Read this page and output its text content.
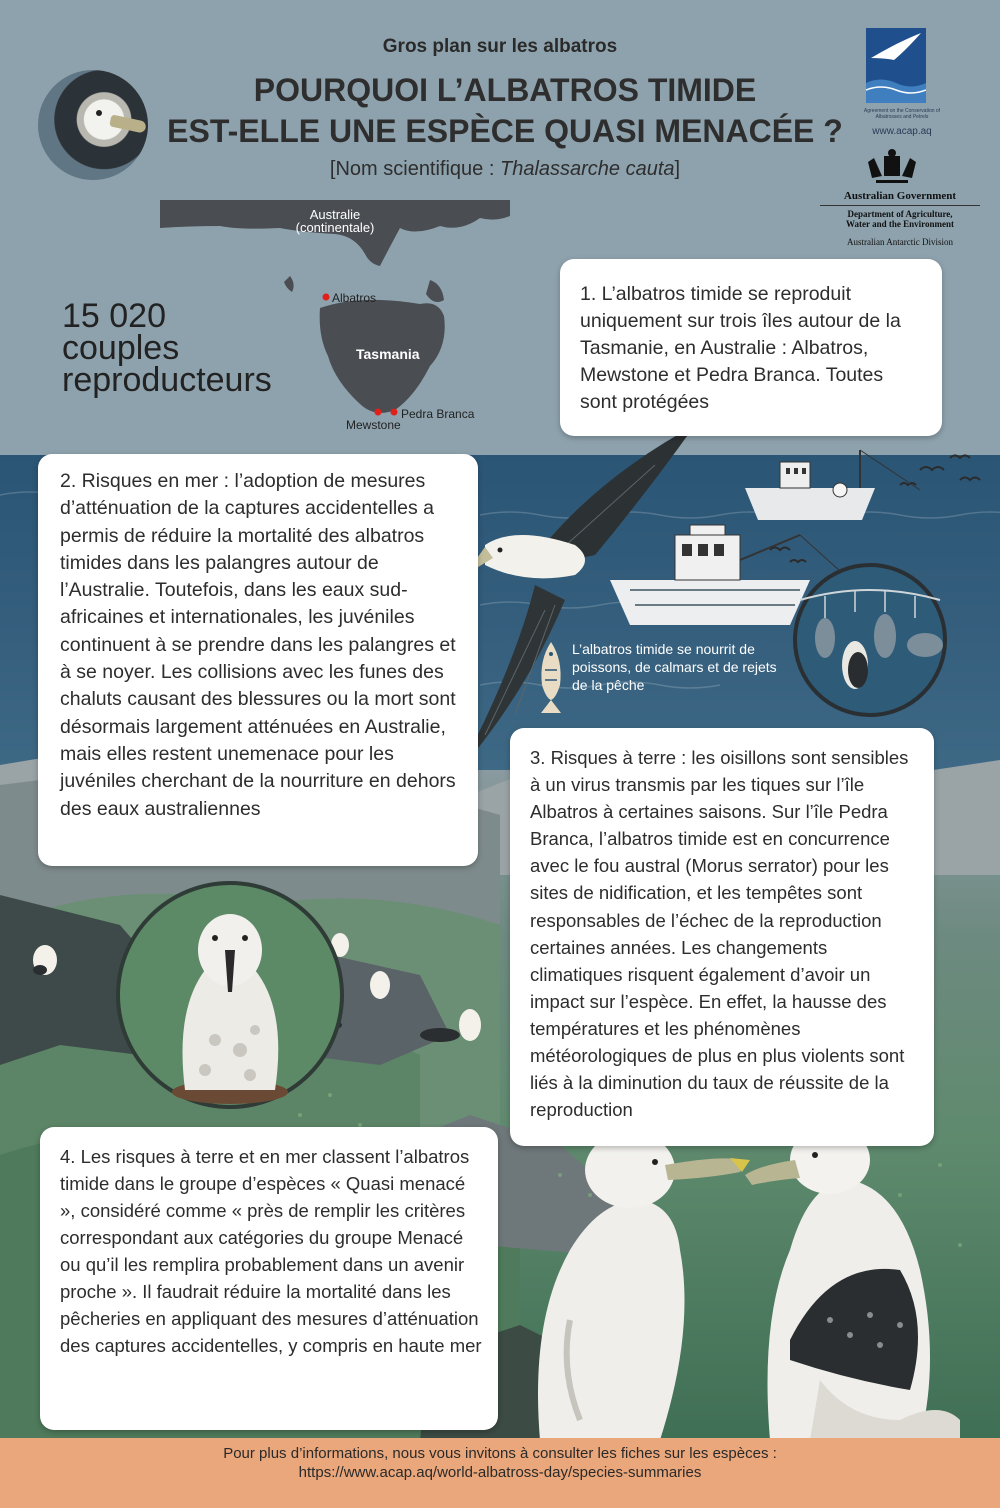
Gros plan sur les albatros
POURQUOI L’ALBATROS TIMIDE
EST-ELLE UNE ESPÈCE QUASI MENACÉE ?
[Nom scientifique : Thalassarche cauta]
Agreement on the Conservation of Albatrosses and Petrels
www.acap.aq
Australian Government
Department of Agriculture,
Water and the Environment
Australian Antarctic Division
Australie
(continentale)
Tasmania
Albatros
Pedra Branca
Mewstone
15 020
couples
reproducteurs
1. L’albatros timide se reproduit uniquement sur trois îles autour de la Tasmanie, en Australie : Albatros, Mewstone et Pedra Branca. Toutes sont protégées
2. Risques en mer : l’adoption de mesures d’atténuation de la captures accidentelles a permis de réduire la mortalité des albatros timides dans les palangres autour de l’Australie. Toutefois, dans les eaux sud-africaines et internationales, les juvéniles continuent à se prendre dans les palangres et à se noyer. Les collisions avec les funes des chaluts causant des blessures ou la mort sont désormais largement atténuées en Australie, mais elles restent unemenace pour les juvéniles cherchant de la nourriture en dehors des eaux australiennes
3. Risques à terre : les oisillons sont sensibles à un virus transmis par les tiques sur l’île Albatros à certaines saisons. Sur l’île Pedra Branca, l’albatros timide est en concurrence avec le fou austral (Morus serrator) pour les sites de nidification, et les tempêtes sont responsables de l’échec de la reproduction certaines années. Les changements climatiques risquent également d’avoir un impact sur l’espèce. En effet, la hausse des températures et les phénomènes météorologiques de plus en plus violents sont liés à la diminution du taux de réussite de la reproduction
4. Les risques à terre et en mer classent l’albatros timide dans le groupe d’espèces « Quasi menacé », considéré comme « près de remplir les critères correspondant aux catégories du groupe Menacé ou qu’il les remplira probablement dans un avenir proche ». Il faudrait réduire la mortalité dans les pêcheries en appliquant des mesures d’atténuation des captures accidentelles, y compris en haute mer
L’albatros timide se nourrit de poissons, de calmars et de rejets de la pêche
Pour plus d’informations, nous vous invitons à consulter les fiches sur les espèces :
https://www.acap.aq/world-albatross-day/species-summaries
